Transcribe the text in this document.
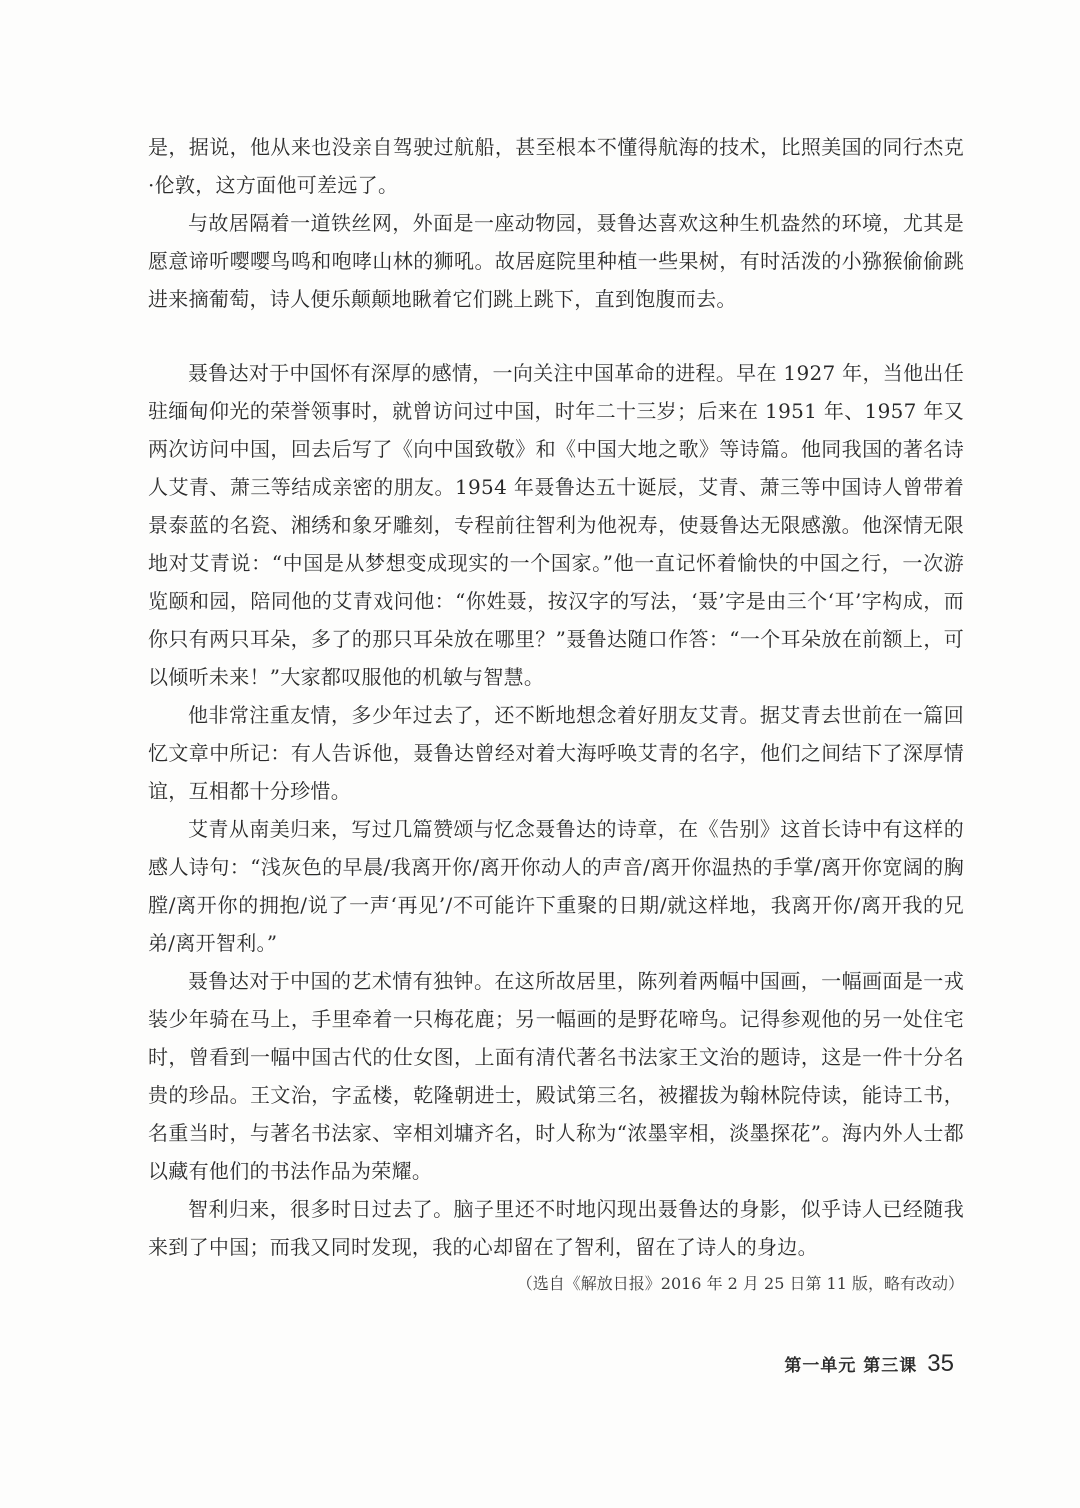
是，据说，他从来也没亲自驾驶过航船，甚至根本不懂得航海的技术，比照美国的同行杰克·伦敦，这方面他可差远了。

与故居隔着一道铁丝网，外面是一座动物园，聂鲁达喜欢这种生机盎然的环境，尤其是愿意谛听嘤嘤鸟鸣和咆哮山林的狮吼。故居庭院里种植一些果树，有时活泼的小猕猴偷偷跳进来摘葡萄，诗人便乐颠颠地瞅着它们跳上跳下，直到饱腹而去。

聂鲁达对于中国怀有深厚的感情，一向关注中国革命的进程。早在 1927 年，当他出任驻缅甸仰光的荣誉领事时，就曾访问过中国，时年二十三岁；后来在 1951 年、1957 年又两次访问中国，回去后写了《向中国致敬》和《中国大地之歌》等诗篇。他同我国的著名诗人艾青、萧三等结成亲密的朋友。1954 年聂鲁达五十诞辰，艾青、萧三等中国诗人曾带着景泰蓝的名瓷、湘绣和象牙雕刻，专程前往智利为他祝寿，使聂鲁达无限感激。他深情无限地对艾青说：“中国是从梦想变成现实的一个国家。”他一直记怀着愉快的中国之行，一次游览颐和园，陪同他的艾青戏问他：“你姓聂，按汉字的写法，‘聂’字是由三个‘耳’字构成，而你只有两只耳朵，多了的那只耳朵放在哪里？”聂鲁达随口作答：“一个耳朵放在前额上，可以倾听未来！”大家都叹服他的机敏与智慧。

他非常注重友情，多少年过去了，还不断地想念着好朋友艾青。据艾青去世前在一篇回忆文章中所记：有人告诉他，聂鲁达曾经对着大海呼唤艾青的名字，他们之间结下了深厚情谊，互相都十分珍惜。

艾青从南美归来，写过几篇赞颂与忆念聂鲁达的诗章，在《告别》这首长诗中有这样的感人诗句：“浅灰色的早晨/我离开你/离开你动人的声音/离开你温热的手掌/离开你宽阔的胸膛/离开你的拥抱/说了一声‘再见’/不可能许下重聚的日期/就这样地，我离开你/离开我的兄弟/离开智利。”

聂鲁达对于中国的艺术情有独钟。在这所故居里，陈列着两幅中国画，一幅画面是一戎装少年骑在马上，手里牵着一只梅花鹿；另一幅画的是野花啼鸟。记得参观他的另一处住宅时，曾看到一幅中国古代的仕女图，上面有清代著名书法家王文治的题诗，这是一件十分名贵的珍品。王文治，字孟楼，乾隆朝进士，殿试第三名，被擢拔为翰林院侍读，能诗工书，名重当时，与著名书法家、宰相刘墉齐名，时人称为“浓墨宰相，淡墨探花”。海内外人士都以藏有他们的书法作品为荣耀。

智利归来，很多时日过去了。脑子里还不时地闪现出聂鲁达的身影，似乎诗人已经随我来到了中国；而我又同时发现，我的心却留在了智利，留在了诗人的身边。

（选自《解放日报》2016 年 2 月 25 日第 11 版，略有改动）

第一单元 第三课 35
